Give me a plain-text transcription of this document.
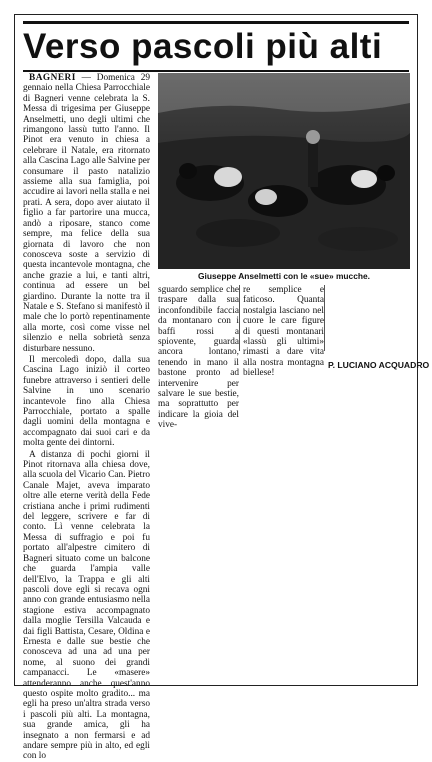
Verso pascoli più alti

BAGNERI — Domenica 29 gennaio nella Chiesa Parrocchiale di Bagneri venne celebrata la S. Messa di trigesima per Giuseppe Anselmetti, uno degli ultimi che rimangono lassù tutto l'anno. Il Pinot era venuto in chiesa a celebrare il Natale, era ritornato alla Cascina Lago alle Salvine per consumare il pasto natalizio assieme alla sua famiglia, poi accudire ai lavori nella stalla e nei prati. A sera, dopo aver aiutato il figlio a far partorire una mucca, andò a riposare, stanco come sempre, ma felice della sua giornata di lavoro che non conosceva soste a servizio di questa incantevole montagna, che anche grazie a lui, e tanti altri, continua ad essere un bel giardino. Durante la notte tra il Natale e S. Stefano si manifestò il male che lo portò repentinamente alla morte, così come visse nel silenzio e nella sobrietà senza disturbare nessuno.

Il mercoledì dopo, dalla sua Cascina Lago iniziò il corteo funebre attraverso i sentieri delle Salvine in uno scenario incantevole fino alla Chiesa Parrocchiale, portato a spalle dagli uomini della montagna e accompagnato dai suoi cari e da molta gente dei dintorni.

A distanza di pochi giorni il Pinot ritornava alla chiesa dove, alla scuola del Vicario Can. Pietro Canale Majet, aveva imparato oltre alle eterne verità della Fede cristiana anche i primi rudimenti del leggere, scrivere e far di conto. Lì venne celebrata la Messa di suffragio e poi fu portato all'alpestre cimitero di Bagneri situato come un balcone che guarda l'ampia valle dell'Elvo, la Trappa e gli alti pascoli dove egli si recava ogni anno con grande entusiasmo nella stagione estiva accompagnato dalla moglie Tersilla Valcauda e dai figli Battista, Cesare, Oldina e Ernesta e dalle sue bestie che conosceva ad una ad una per nome, al suono dei grandi campanacci. Le «masere» attenderanno anche quest'anno questo ospite molto gradito... ma egli ha preso un'altra strada verso i pascoli più alti. La montagna, sua grande amica, gli ha insegnato a non fermarsi e ad andare sempre più in alto, ed egli con lo

Giuseppe Anselmetti con le «sue» mucche.
sguardo semplice che traspare dalla sua inconfondibile faccia da montanaro con i baffi rossi a spiovente, guarda ancora lontano, tenendo in mano il bastone pronto ad intervenire per salvare le sue bestie, ma soprattutto per indicare la gioia del vive-
re semplice e faticoso. Quanta nostalgia lasciano nel cuore le care figure di questi montanari «lassù gli ultimi» rimasti a dare vita alla nostra montagna biellese!
P. LUCIANO ACQUADRO
